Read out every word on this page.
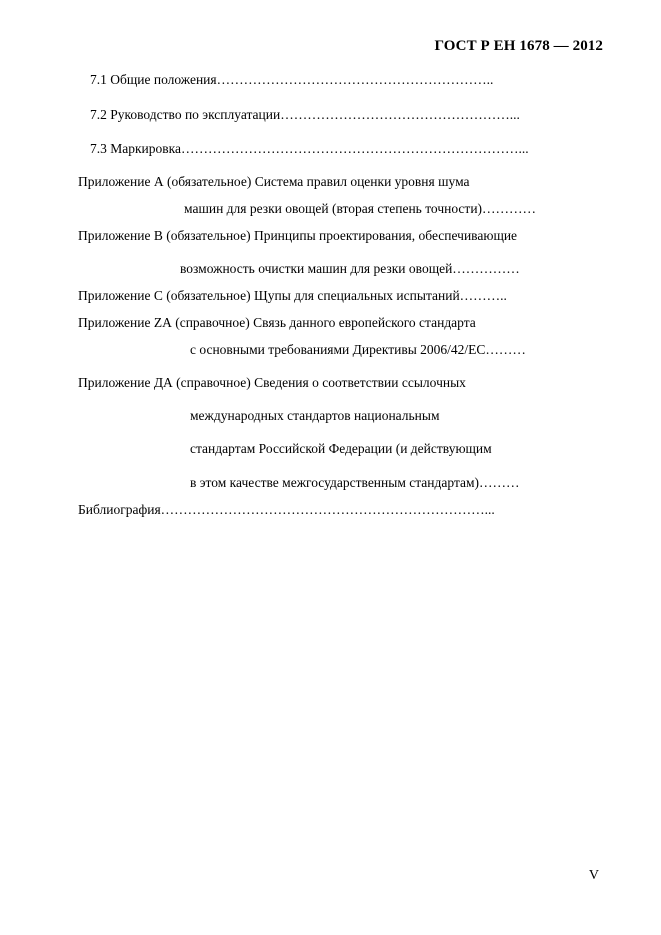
ГОСТ Р ЕН 1678 — 2012
7.1 Общие положения……………………………………………………..
7.2 Руководство по эксплуатации……………………………………………...
7.3 Маркировка…………………………………………………………………...
Приложение А (обязательное) Система правил оценки уровня шума
машин для резки овощей (вторая степень точности)…………
Приложение В (обязательное) Принципы проектирования, обеспечивающие
возможность очистки машин для резки овощей……………
Приложение С (обязательное) Щупы для специальных испытаний………..
Приложение ZА (справочное) Связь данного европейского стандарта
с основными требованиями Директивы 2006/42/ЕС………
Приложение ДА (справочное) Сведения о соответствии ссылочных
международных стандартов национальным
стандартам Российской Федерации (и действующим
в этом качестве межгосударственным стандартам)………
Библиография………………………………………………………………...
V
